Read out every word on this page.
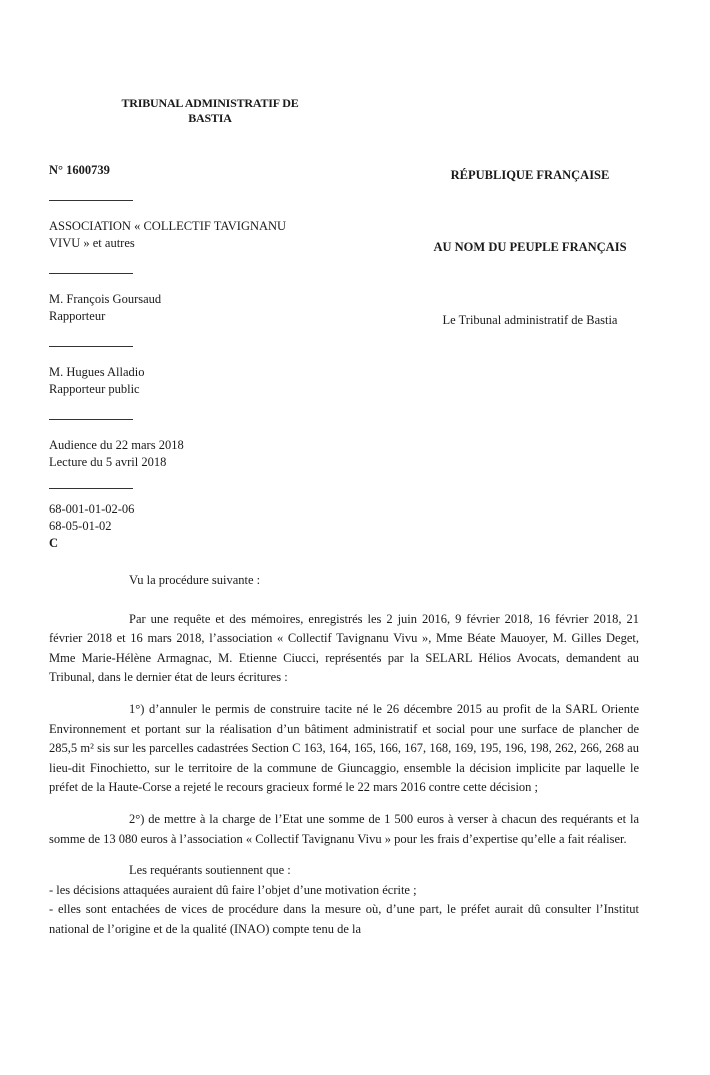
TRIBUNAL ADMINISTRATIF DE
BASTIA
N° 1600739
ASSOCIATION « COLLECTIF TAVIGNANU
VIVU » et autres
M. François Goursaud
Rapporteur
M. Hugues Alladio
Rapporteur public
Audience du 22 mars 2018
Lecture du 5 avril 2018
68-001-01-02-06
68-05-01-02
C
RÉPUBLIQUE FRANÇAISE
AU NOM DU PEUPLE FRANÇAIS
Le Tribunal administratif de Bastia

Vu la procédure suivante :

Par une requête et des mémoires, enregistrés les 2 juin 2016, 9 février 2018, 16 février 2018, 21 février 2018 et 16 mars 2018, l’association « Collectif Tavignanu Vivu », Mme Béate Mauoyer, M. Gilles Deget, Mme Marie-Hélène Armagnac, M. Etienne Ciucci, représentés par la SELARL Hélios Avocats, demandent au Tribunal, dans le dernier état de leurs écritures :

1°) d’annuler le permis de construire tacite né le 26 décembre 2015 au profit de la SARL Oriente Environnement et portant sur la réalisation d’un bâtiment administratif et social pour une surface de plancher de 285,5 m² sis sur les parcelles cadastrées Section C 163, 164, 165, 166, 167, 168, 169, 195, 196, 198, 262, 266, 268 au lieu-dit Finochietto, sur le territoire de la commune de Giuncaggio, ensemble la décision implicite par laquelle le préfet de la Haute-Corse a rejeté le recours gracieux formé le 22 mars 2016 contre cette décision ;

2°) de mettre à la charge de l’Etat une somme de 1 500 euros à verser à chacun des requérants et la somme de 13 080 euros à l’association « Collectif Tavignanu Vivu » pour les frais d’expertise qu’elle a fait réaliser.

Les requérants soutiennent que :

- les décisions attaquées auraient dû faire l’objet d’une motivation écrite ;

- elles sont entachées de vices de procédure dans la mesure où, d’une part, le préfet aurait dû consulter l’Institut national de l’origine et de la qualité (INAO) compte tenu de la
